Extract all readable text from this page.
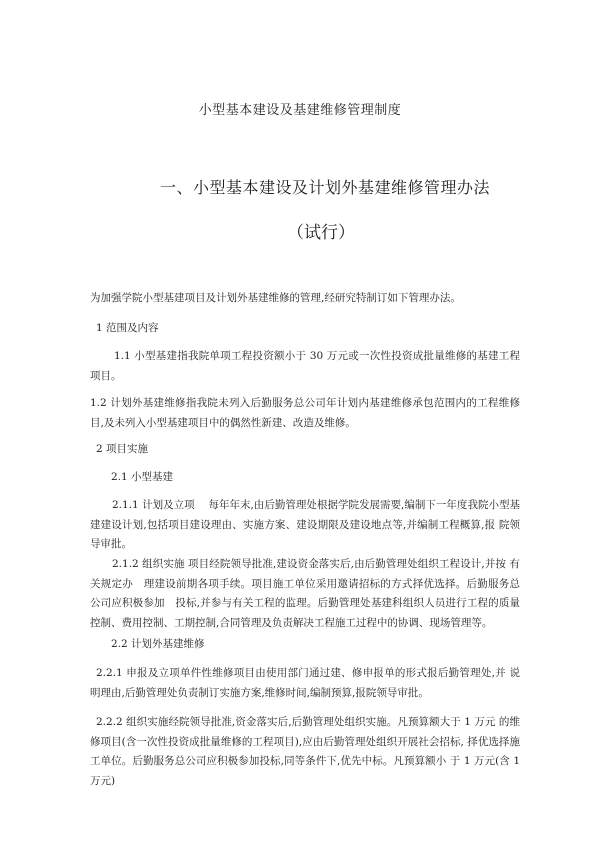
小型基本建设及基建维修管理制度
一、小型基本建设及计划外基建维修管理办法
（试行）

为加强学院小型基建项目及计划外基建维修的管理,经研究特制订如下管理办法。

1 范围及内容

1.1 小型基建指我院单项工程投资额小于 30 万元或一次性投资成批量维修的基建工程项目。

1.2 计划外基建维修指我院未列入后勤服务总公司年计划内基建维修承包范围内的工程维修目,及未列入小型基建项目中的偶然性新建、改造及维修。

2 项目实施

2.1 小型基建

2.1.1 计划及立项　 每年年末,由后勤管理处根据学院发展需要,编制下一年度我院小型基建建设计划,包括项目建设理由、实施方案、建设期限及建设地点等,并编制工程概算,报 院领导审批。

2.1.2 组织实施 项目经院领导批准,建设资金落实后,由后勤管理处组织工程设计,并按 有关规定办　理建设前期各项手续。项目施工单位采用邀请招标的方式择优选择。后勤服务总 公司应积极参加　投标,并参与有关工程的监理。后勤管理处基建科组织人员进行工程的质量 控制、费用控制、工期控制,合同管理及负责解决工程施工过程中的协调、现场管理等。

2.2 计划外基建维修

2.2.1 申报及立项单件性维修项目由使用部门通过建、修申报单的形式报后勤管理处,并 说明理由,后勤管理处负责制订实施方案,维修时间,编制预算,报院领导审批。

2.2.2 组织实施经院领导批准,资金落实后,后勤管理处组织实施。凡预算额大于 1 万元 的维修项目(含一次性投资成批量维修的工程项目),应由后勤管理处组织开展社会招标, 择优选择施工单位。后勤服务总公司应积极参加投标,同等条件下,优先中标。凡预算额小 于 1 万元(含 1 万元)
